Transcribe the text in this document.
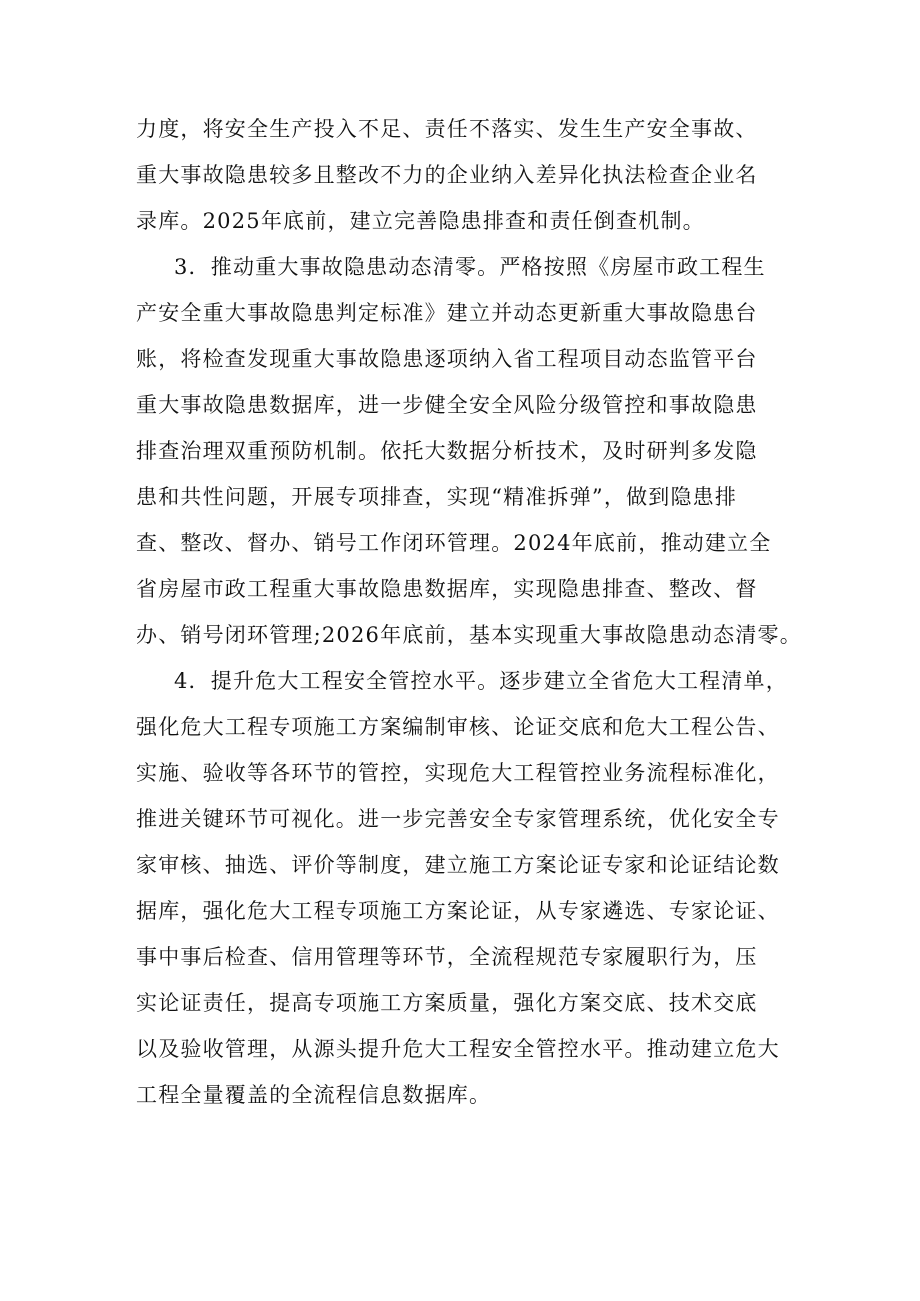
力度，将安全生产投入不足、责任不落实、发生生产安全事故、
重大事故隐患较多且整改不力的企业纳入差异化执法检查企业名
录库。2025年底前，建立完善隐患排查和责任倒查机制。
3．推动重大事故隐患动态清零。严格按照《房屋市政工程生
产安全重大事故隐患判定标准》建立并动态更新重大事故隐患台
账，将检查发现重大事故隐患逐项纳入省工程项目动态监管平台
重大事故隐患数据库，进一步健全安全风险分级管控和事故隐患
排查治理双重预防机制。依托大数据分析技术，及时研判多发隐
患和共性问题，开展专项排查，实现“精准拆弹”，做到隐患排
查、整改、督办、销号工作闭环管理。2024年底前，推动建立全
省房屋市政工程重大事故隐患数据库，实现隐患排查、整改、督
办、销号闭环管理;2026年底前，基本实现重大事故隐患动态清零。
4．提升危大工程安全管控水平。逐步建立全省危大工程清单，
强化危大工程专项施工方案编制审核、论证交底和危大工程公告、
实施、验收等各环节的管控，实现危大工程管控业务流程标准化，
推进关键环节可视化。进一步完善安全专家管理系统，优化安全专
家审核、抽选、评价等制度，建立施工方案论证专家和论证结论数
据库，强化危大工程专项施工方案论证，从专家遴选、专家论证、
事中事后检查、信用管理等环节，全流程规范专家履职行为，压
实论证责任，提高专项施工方案质量，强化方案交底、技术交底
以及验收管理，从源头提升危大工程安全管控水平。推动建立危大
工程全量覆盖的全流程信息数据库。
